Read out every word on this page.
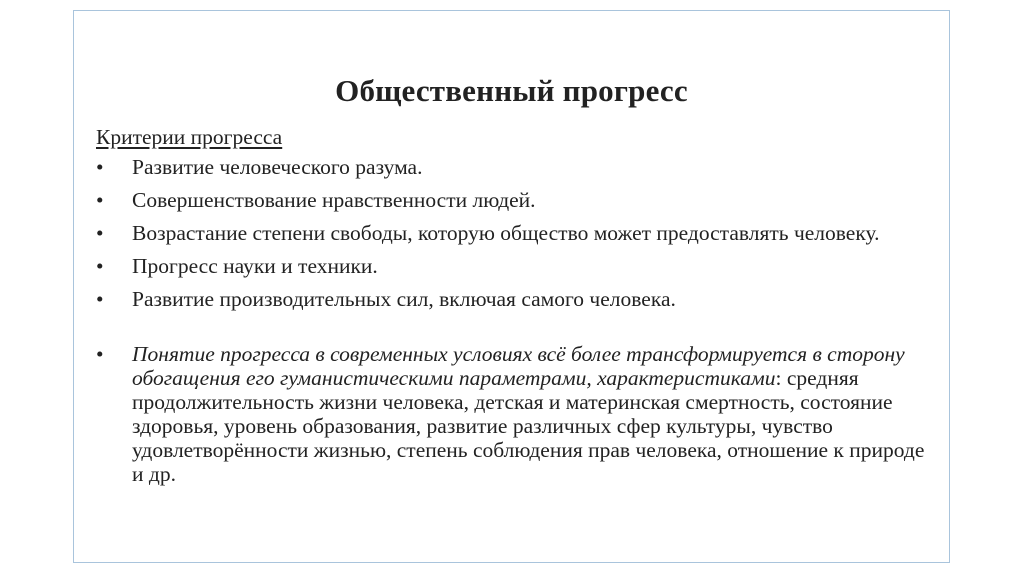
Общественный прогресс
Критерии прогресса
• Развитие человеческого разума.
• Совершенствование нравственности людей.
• Возрастание степени свободы, которую общество может предоставлять человеку.
• Прогресс науки и техники.
• Развитие производительных сил, включая самого человека.
• Понятие прогресса в современных условиях всё более трансформируется в сторону обогащения его гуманистическими параметрами, характеристиками: средняя продолжительность жизни человека, детская и материнская смертность, состояние здоровья, уровень образования, развитие различных сфер культуры, чувство удовлетворённости жизнью, степень соблюдения прав человека, отношение к природе и др.
